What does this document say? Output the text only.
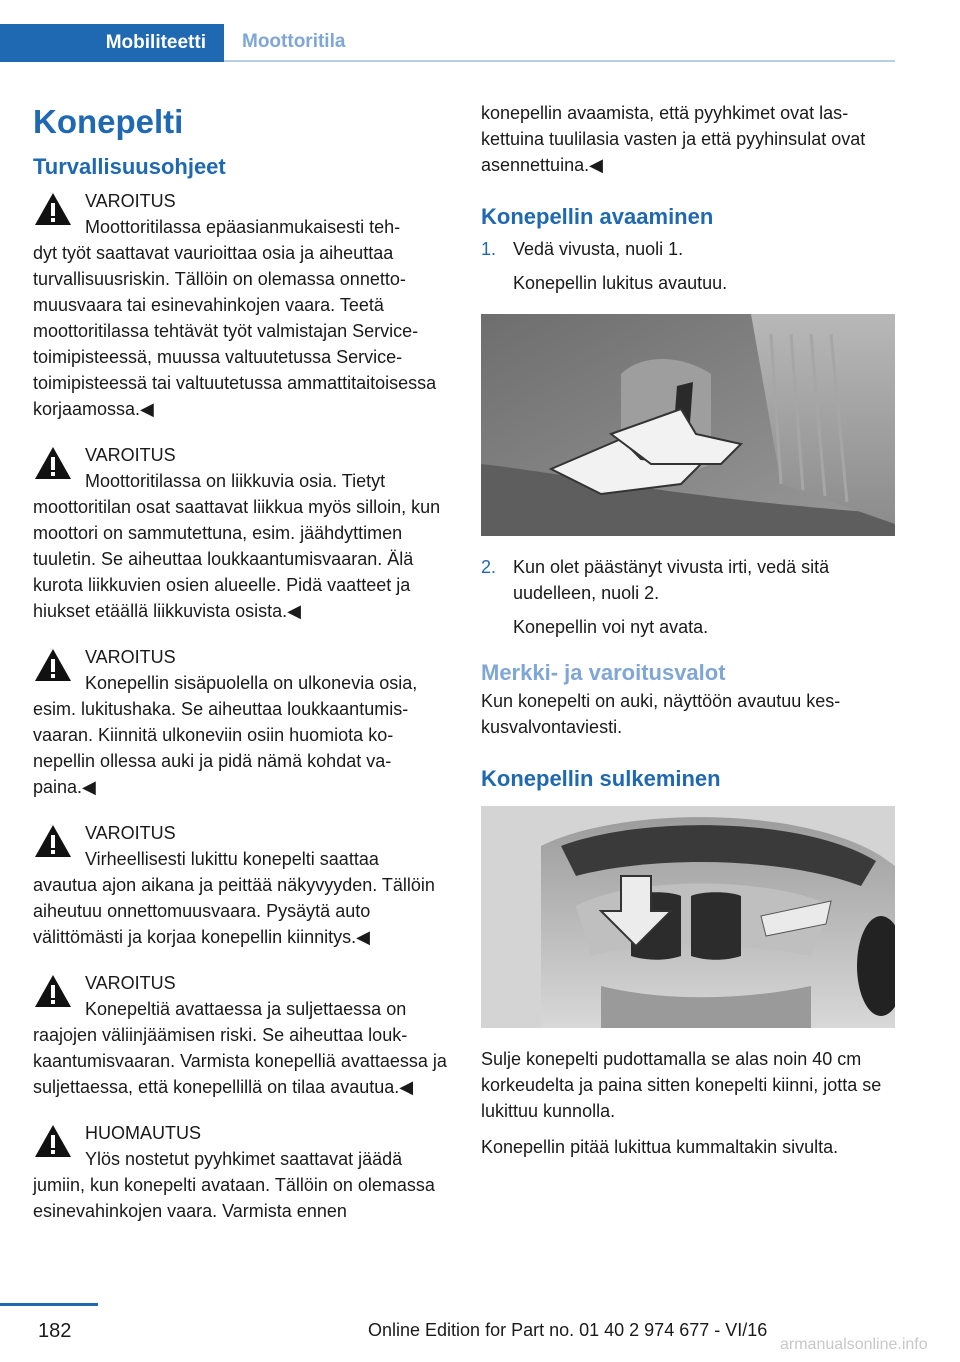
Mobiliteetti	Moottoritila
Konepelti
Turvallisuusohjeet
VAROITUS
Moottoritilassa epäasianmukaisesti teh-
dyt työt saattavat vaurioittaa osia ja aiheuttaa turvallisuusriskin. Tällöin on olemassa onnettomuusvaara tai esinevahinkojen vaara. Teetä moottoritilassa tehtävät työt valmistajan Service-toimipisteessä, muussa valtuutetussa Service-toimipisteessä tai valtuutetussa ammattitaitoisessa korjaamossa.◀
VAROITUS
Moottoritilassa on liikkuvia osia. Tietyt
moottoritilan osat saattavat liikkua myös silloin, kun moottori on sammutettuna, esim. jäähdyttimen tuuletin. Se aiheuttaa loukkaantumisvaaran. Älä kurota liikkuvien osien alueelle. Pidä vaatteet ja hiukset etäällä liikkuvista osista.◀
VAROITUS
Konepellin sisäpuolella on ulkonevia osia,
esim. lukitushaka. Se aiheuttaa loukkaantumisvaaran. Kiinnitä ulkoneviin osiin huomiota konepellin ollessa auki ja pidä nämä kohdat vapaina.◀
VAROITUS
Virheellisesti lukittu konepelti saattaa
avautua ajon aikana ja peittää näkyvyyden. Tällöin aiheutuu onnettomuusvaara. Pysäytä auto välittömästi ja korjaa konepellin kiinnitys.◀
VAROITUS
Konepeltiä avattaessa ja suljettaessa on
raajojen väliinjäämisen riski. Se aiheuttaa loukkaantumisvaaran. Varmista konepelliä avattaessa ja suljettaessa, että konepellillä on tilaa avautua.◀
HUOMAUTUS
Ylös nostetut pyyhkimet saattavat jäädä
jumiin, kun konepelti avataan. Tällöin on olemassa esinevahinkojen vaara. Varmista ennen

konepellin avaamista, että pyyhkimet ovat laskettuina tuulilasia vasten ja että pyyhinsulat ovat asennettuina.◀

Konepellin avaaminen
1. Vedä vivusta, nuoli 1.
Konepellin lukitus avautuu.
2. Kun olet päästänyt vivusta irti, vedä sitä uudelleen, nuoli 2.
Konepellin voi nyt avata.
Merkki- ja varoitusvalot

Kun konepelti on auki, näyttöön avautuu keskusvalvontaviesti.

Konepellin sulkeminen

Sulje konepelti pudottamalla se alas noin 40 cm korkeudelta ja paina sitten konepelti kiinni, jotta se lukittuu kunnolla.

Konepellin pitää lukittua kummaltakin sivulta.

182	Online Edition for Part no. 01 40 2 974 677 - VI/16
armanualsonline.info
